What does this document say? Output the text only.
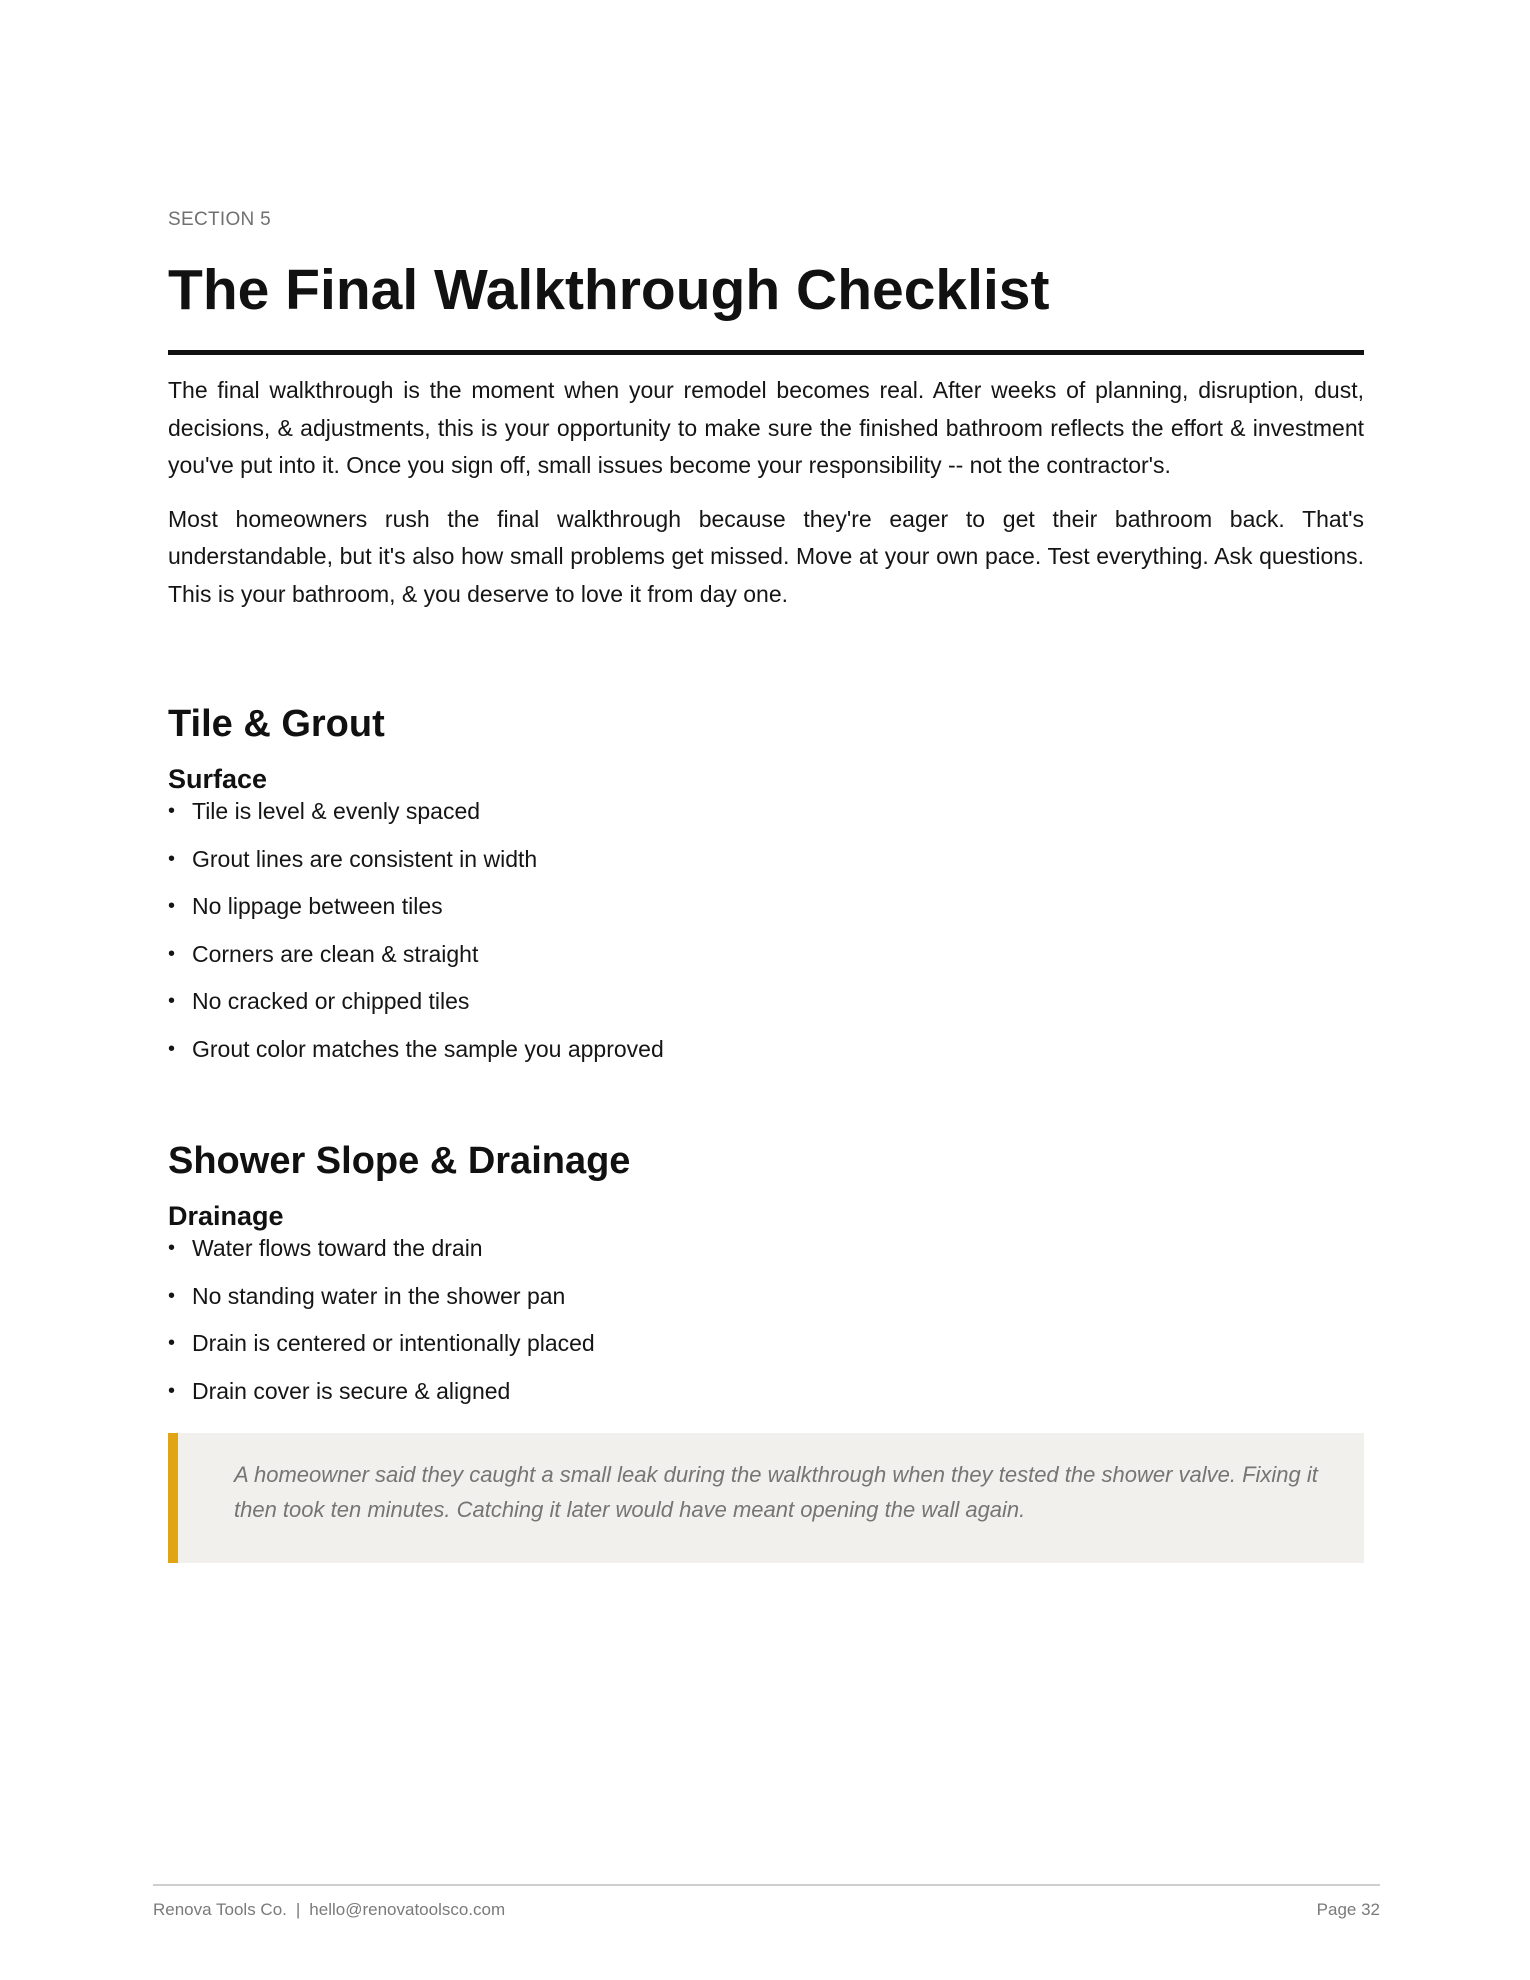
SECTION 5

The Final Walkthrough Checklist

The final walkthrough is the moment when your remodel becomes real. After weeks of planning, disruption, dust, decisions, & adjustments, this is your opportunity to make sure the finished bathroom reflects the effort & investment you've put into it. Once you sign off, small issues become your responsibility -- not the contractor's.

Most homeowners rush the final walkthrough because they're eager to get their bathroom back. That's understandable, but it's also how small problems get missed. Move at your own pace. Test everything. Ask questions. This is your bathroom, & you deserve to love it from day one.

Tile & Grout
Surface
• Tile is level & evenly spaced
• Grout lines are consistent in width
• No lippage between tiles
• Corners are clean & straight
• No cracked or chipped tiles
• Grout color matches the sample you approved
Shower Slope & Drainage
Drainage
• Water flows toward the drain
• No standing water in the shower pan
• Drain is centered or intentionally placed
• Drain cover is secure & aligned

A homeowner said they caught a small leak during the walkthrough when they tested the shower valve. Fixing it then took ten minutes. Catching it later would have meant opening the wall again.

Renova Tools Co. | hello@renovatoolsco.com	Page 32
